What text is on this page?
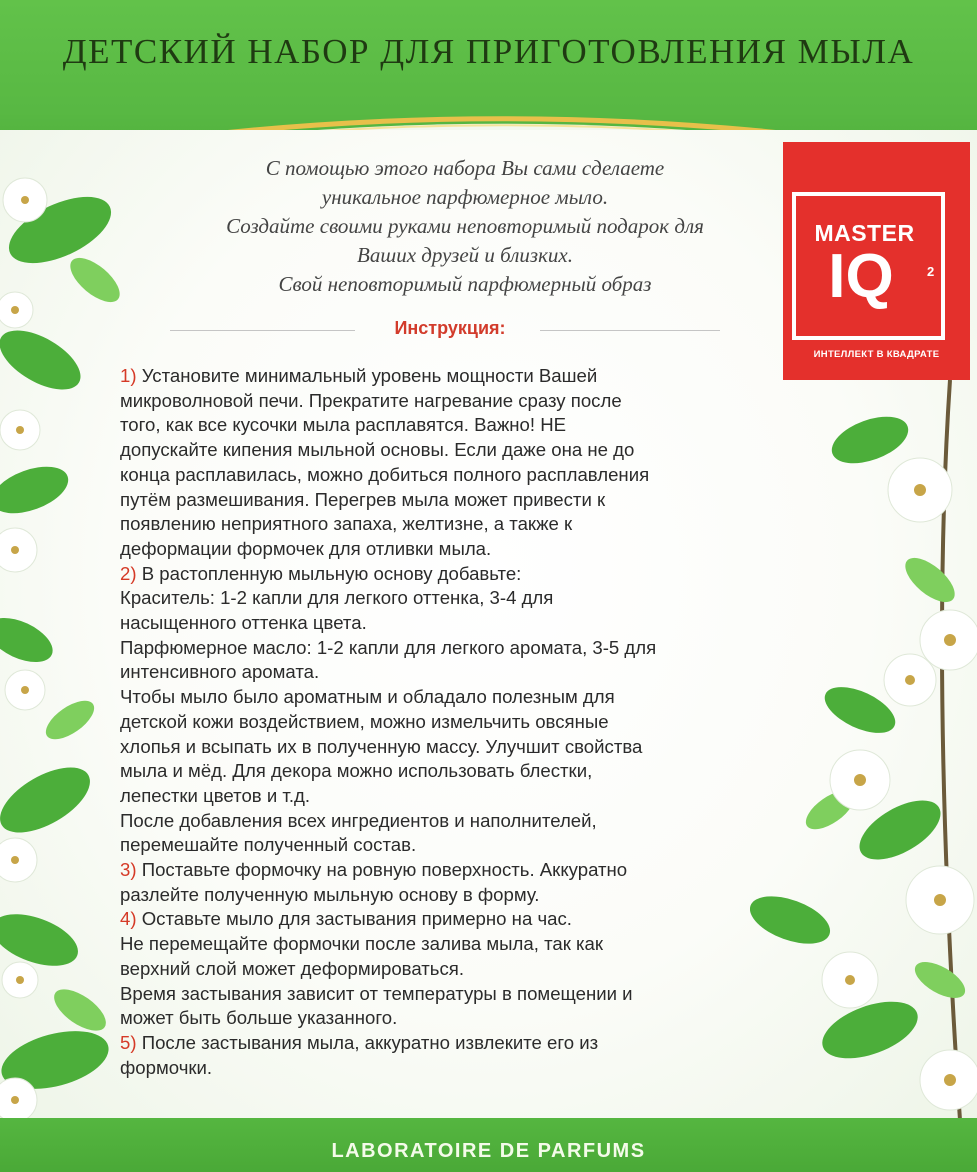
ДЕТСКИЙ НАБОР ДЛЯ ПРИГОТОВЛЕНИЯ МЫЛА
С помощью этого набора Вы сами сделаете
уникальное парфюмерное мыло.
Создайте своими руками неповторимый подарок для
Ваших друзей и близких.
Свой неповторимый парфюмерный образ
Инструкция:
1) Установите минимальный уровень мощности Вашей
микроволновой печи. Прекратите нагревание сразу после
того, как все кусочки мыла расплавятся. Важно! НЕ
допускайте кипения мыльной основы. Если даже она не до
конца расплавилась, можно добиться полного расплавления
путём размешивания. Перегрев мыла может привести к
появлению неприятного запаха, желтизне, а также к
деформации формочек для отливки мыла.
2) В растопленную мыльную основу добавьте:
Краситель: 1-2 капли для легкого оттенка, 3-4 для
насыщенного оттенка цвета.
Парфюмерное масло: 1-2 капли для легкого аромата, 3-5 для
интенсивного аромата.
Чтобы мыло было ароматным и обладало полезным для
детской кожи воздействием, можно измельчить овсяные
хлопья и всыпать их в полученную массу. Улучшит свойства
мыла и мёд. Для декора можно использовать блестки,
лепестки цветов и т.д.
После добавления всех ингредиентов и наполнителей,
перемешайте полученный состав.
3) Поставьте формочку на ровную поверхность. Аккуратно
разлейте полученную мыльную основу в форму.
4) Оставьте мыло для застывания примерно на час.
Не перемещайте формочки после залива мыла, так как
верхний слой может деформироваться.
Время застывания зависит от температуры в помещении и
может быть больше указанного.
5) После застывания мыла, аккуратно извлеките его из
формочки.
MASTER
IQ	2
ИНТЕЛЛЕКТ В КВАДРАТЕ
LABORATOIRE DE PARFUMS
